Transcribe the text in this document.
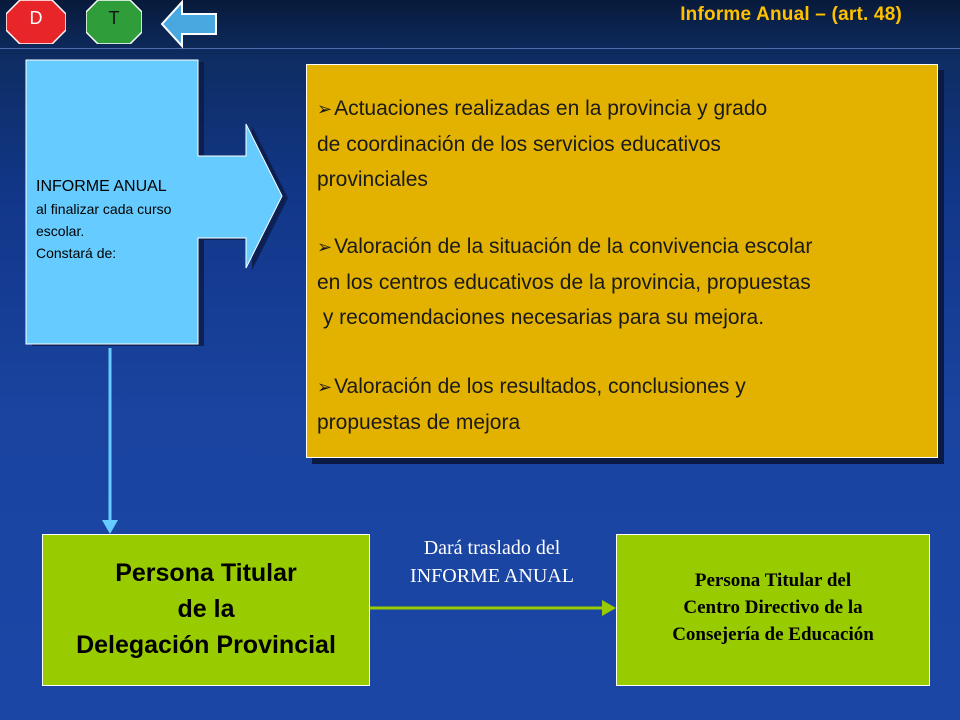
D	T	Informe Anual – (art. 48)
INFORME ANUAL
al finalizar cada curso
escolar.
Constará de:
➢Actuaciones realizadas en la provincia y grado
de coordinación de los servicios educativos
provinciales
➢Valoración de la situación de la convivencia escolar
en los centros educativos de la provincia, propuestas
y recomendaciones necesarias para su mejora.
➢Valoración de los resultados, conclusiones y
propuestas de mejora
Persona Titular
de la
Delegación Provincial
Dará traslado del
INFORME ANUAL	Persona Titular del
Centro Directivo de la
Consejería de Educación
